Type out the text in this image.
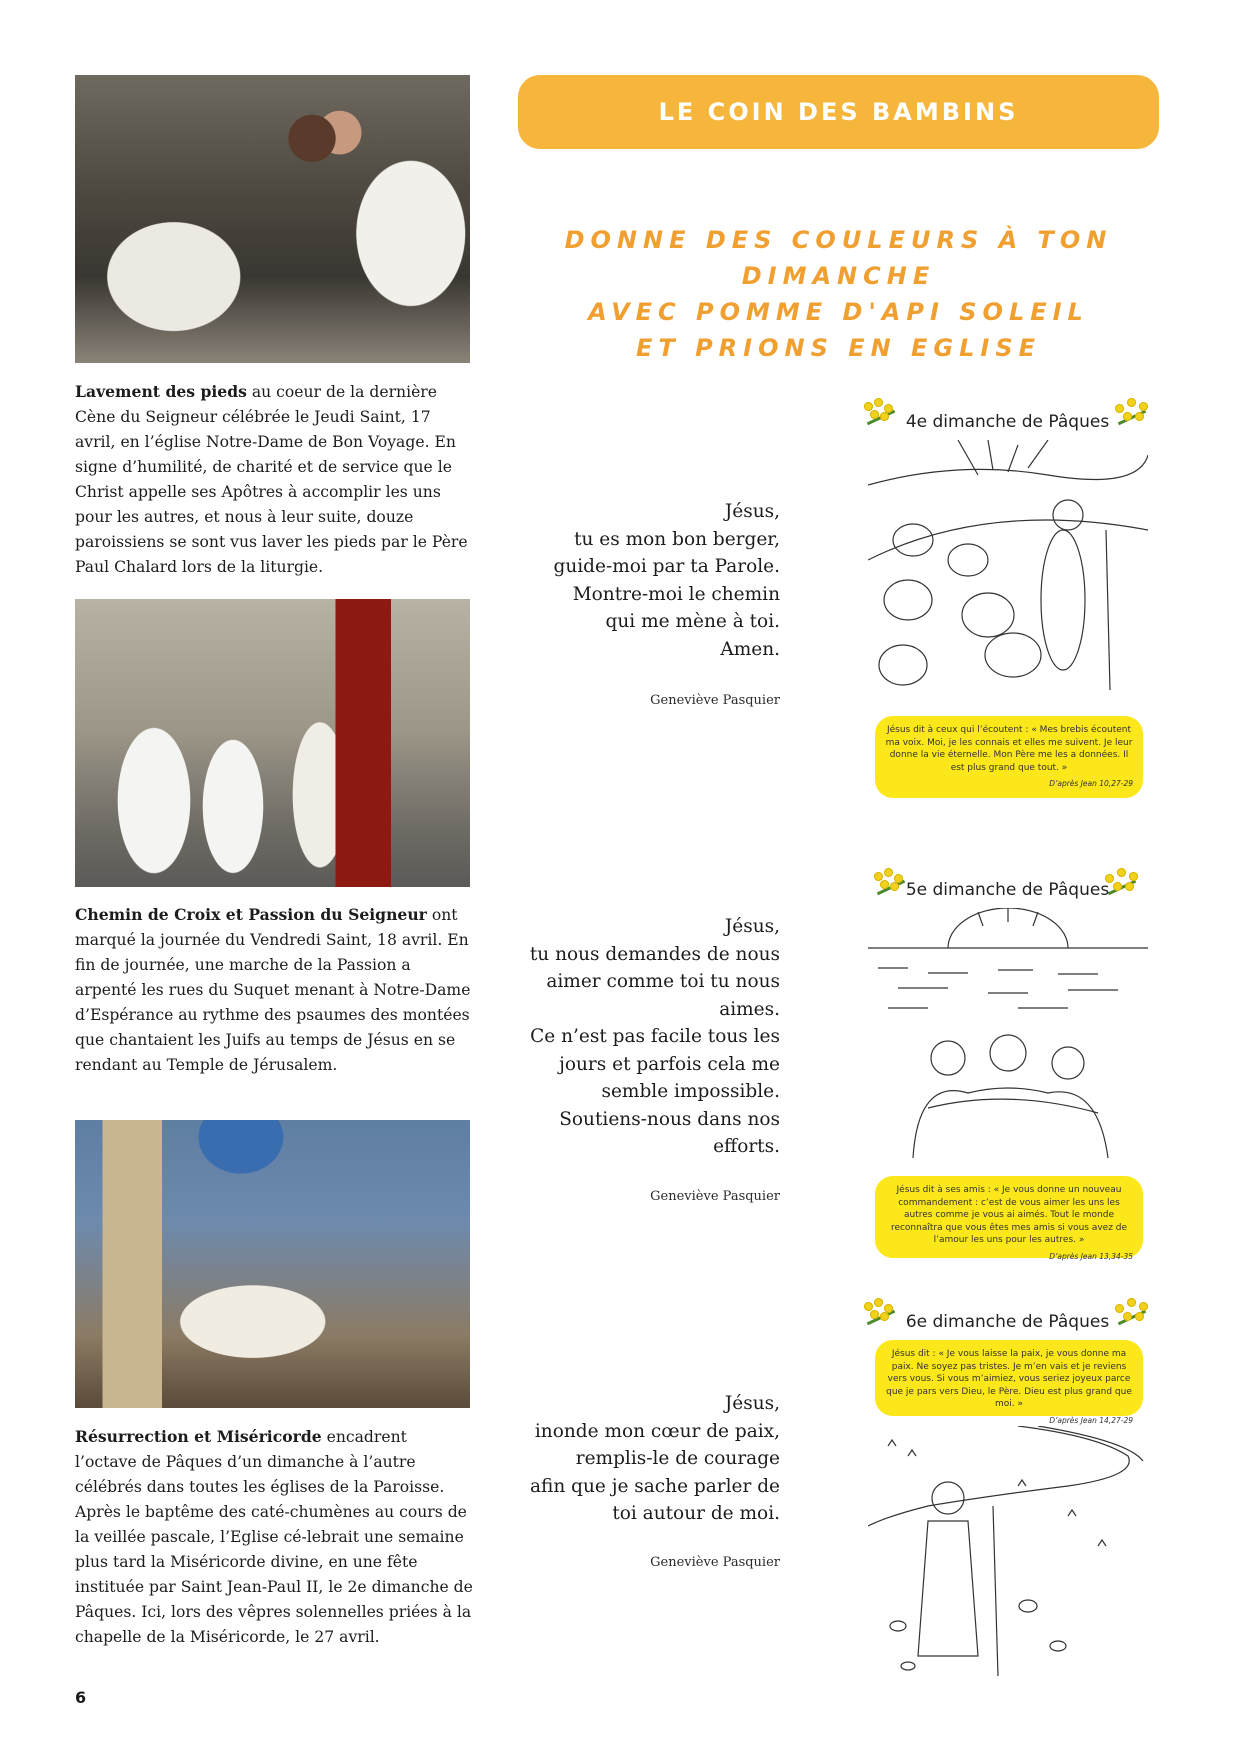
Lavement des pieds au coeur de la dernière Cène du Seigneur célébrée le Jeudi Saint, 17 avril, en l’église Notre-Dame de Bon Voyage. En signe d’humilité, de charité et de service que le Christ appelle ses Apôtres à accomplir les uns pour les autres, et nous à leur suite, douze paroissiens se sont vus laver les pieds par le Père Paul Chalard lors de la liturgie.
Chemin de Croix et Passion du Seigneur ont marqué la journée du Vendredi Saint, 18 avril. En fin de journée, une marche de la Passion a arpenté les rues du Suquet menant à Notre-Dame d’Espérance au rythme des psaumes des montées que chantaient les Juifs au temps de Jésus en se rendant au Temple de Jérusalem.
Résurrection et Miséricorde encadrent l’octave de Pâques d’un dimanche à l’autre célébrés dans toutes les églises de la Paroisse. Après le baptême des caté-chumènes au cours de la veillée pascale, l’Eglise cé-lebrait une semaine plus tard la Miséricorde divine, en une fête instituée par Saint Jean-Paul II, le 2e dimanche de Pâques. Ici, lors des vêpres solennelles priées à la chapelle de la Miséricorde, le 27 avril.
LE COIN DES BAMBINS
DONNE DES COULEURS À TON DIMANCHE
AVEC POMME D'API SOLEIL
ET PRIONS EN EGLISE
Jésus,
tu es mon bon berger,
guide-moi par ta Parole.
Montre-moi le chemin
qui me mène à toi.
Amen.
Geneviève Pasquier
Jésus,
tu nous demandes de nous
aimer comme toi tu nous
aimes.
Ce n’est pas facile tous les
jours et parfois cela me
semble impossible.
Soutiens-nous dans nos
efforts.
Geneviève Pasquier
Jésus,
inonde mon cœur de paix,
remplis-le de courage
afin que je sache parler de
toi autour de moi.
Geneviève Pasquier
4e dimanche de Pâques
Jésus dit à ceux qui l’écoutent : « Mes brebis écoutent ma voix. Moi, je les connais et elles me suivent. Je leur donne la vie éternelle. Mon Père me les a données. Il est plus grand que tout. »
D’après Jean 10,27-29
5e dimanche de Pâques
Jésus dit à ses amis : « Je vous donne un nouveau commandement : c’est de vous aimer les uns les autres comme je vous ai aimés. Tout le monde reconnaîtra que vous êtes mes amis si vous avez de l’amour les uns pour les autres. »
D’après Jean 13,34-35
6e dimanche de Pâques
Jésus dit : « Je vous laisse la paix, je vous donne ma paix. Ne soyez pas tristes. Je m’en vais et je reviens vers vous. Si vous m’aimiez, vous seriez joyeux parce que je pars vers Dieu, le Père. Dieu est plus grand que moi. »
D’après Jean 14,27-29
6
